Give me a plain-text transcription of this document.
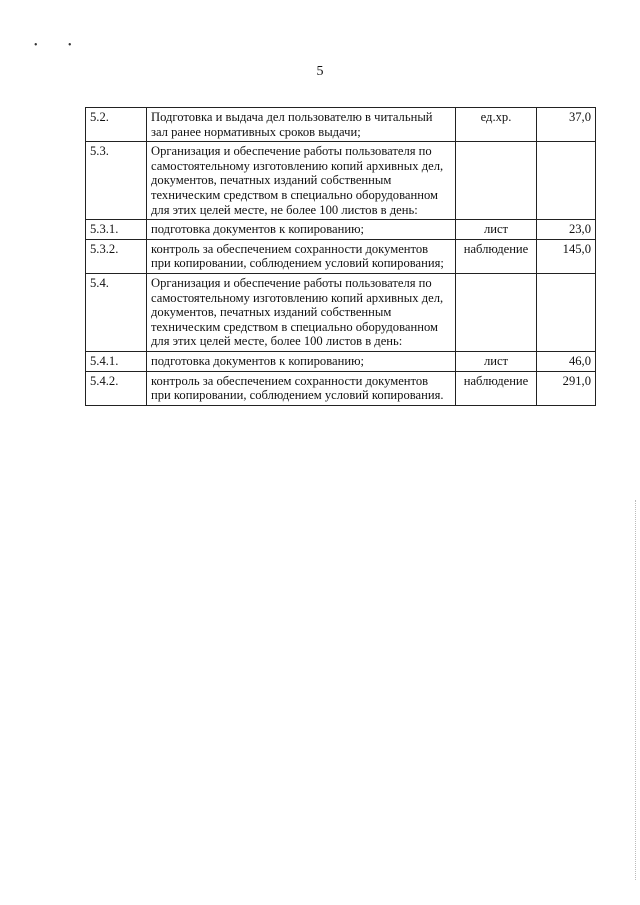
• •
5
5.2.	Подготовка и выдача дел пользователю в читальный зал ранее нормативных сроков выдачи;	ед.хр.	37,0
5.3.	Организация и обеспечение работы пользователя по самостоятельному изготовлению копий архивных дел, документов, печатных изданий собственным техническим средством в специально оборудованном для этих целей месте, не более 100 листов в день:		
5.3.1.	подготовка документов к копированию;	лист	23,0
5.3.2.	контроль за обеспечением сохранности документов при копировании, соблюдением условий копирования;	наблюдение	145,0
5.4.	Организация и обеспечение работы пользователя по самостоятельному изготовлению копий архивных дел, документов, печатных изданий собственным техническим средством в специально оборудованном для этих целей месте, более 100 листов в день:		
5.4.1.	подготовка документов к копированию;	лист	46,0
5.4.2.	контроль за обеспечением сохранности документов при копировании, соблюдением условий копирования.	наблюдение	291,0
